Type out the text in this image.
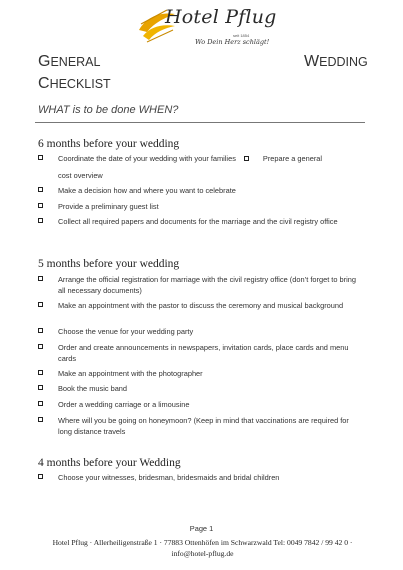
Hotel Pflug
seit 1854
Wo Dein Herz schlägt!
GENERAL
CHECKLIST
WEDDING
WHAT is to be done WHEN?
6 months before your wedding
Coordinate the date of your wedding with your families	Prepare a general
cost overview
Make a decision how and where you want to celebrate
Provide a preliminary guest list
Collect all required papers and documents for the marriage and the civil registry office
5 months before your wedding
Arrange the official registration for marriage with the civil registry office (don’t forget to bring all necessary documents)
Make an appointment with the pastor to discuss the ceremony and musical background
Choose the venue for your wedding party
Order and create announcements in newspapers, invitation cards, place cards and menu cards
Make an appointment with the photographer
Book the music band
Order a wedding carriage or a limousine
Where will you be going on honeymoon? (Keep in mind that vaccinations are required for long distance travels
4 months before your Wedding
Choose your witnesses, bridesman, bridesmaids and bridal children
Page 1
Hotel Pflug · Allerheiligenstraße 1 · 77883 Ottenhöfen im Schwarzwald Tel: 0049 7842 / 99 42 0 · info@hotel-pflug.de
